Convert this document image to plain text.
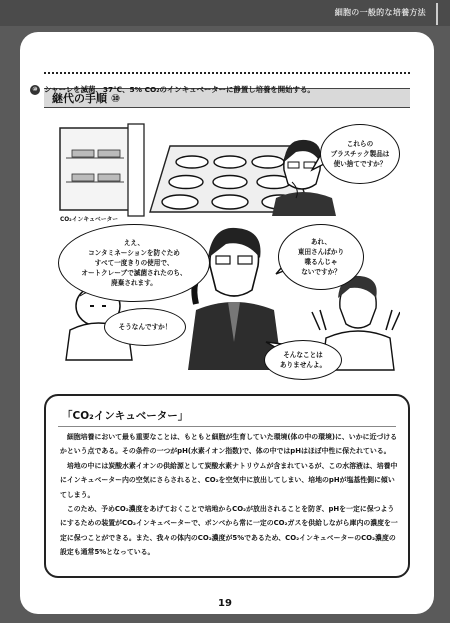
細胞の一般的な培養方法
継代の手順 ⑩
⑩ シャーレを滅菌、37℃、5% CO₂のインキュベーターに静置し培養を開始する。
これらの
プラスチック製品は
使い捨てですか？
ええ、
コンタミネーションを防ぐため
すべて一度きりの使用で、
オートクレーブで滅菌されたのち、
廃棄されます。
あれ、
東田さんばかり
喋るんじゃ
ないですか？
そうなんですか！
そんなことは
ありませんよ。
CO₂インキュベーター
「CO₂インキュベーター」

細胞培養において最も重要なことは、もともと細胞が生育していた環境(体の中の環境)に、いかに近づけるかという点である。その条件の一つがpH(水素イオン指数)で、体の中ではpHはほぼ中性に保たれている。

培地の中には炭酸水素イオンの供給源として炭酸水素ナトリウムが含まれているが、この水溶液は、培養中にインキュベーター内の空気にさらされると、CO₂を空気中に放出してしまい、培地のpHが塩基性側に傾いてしまう。

このため、予めCO₂濃度をあげておくことで培地からCO₂が放出されることを防ぎ、pHを一定に保つようにするための装置がCO₂インキュベーターで、ボンベから常に一定のCO₂ガスを供給しながら庫内の濃度を一定に保つことができる。また、我々の体内のCO₂濃度が5%であるため、CO₂インキュベーターのCO₂濃度の設定も通常5%となっている。

19
